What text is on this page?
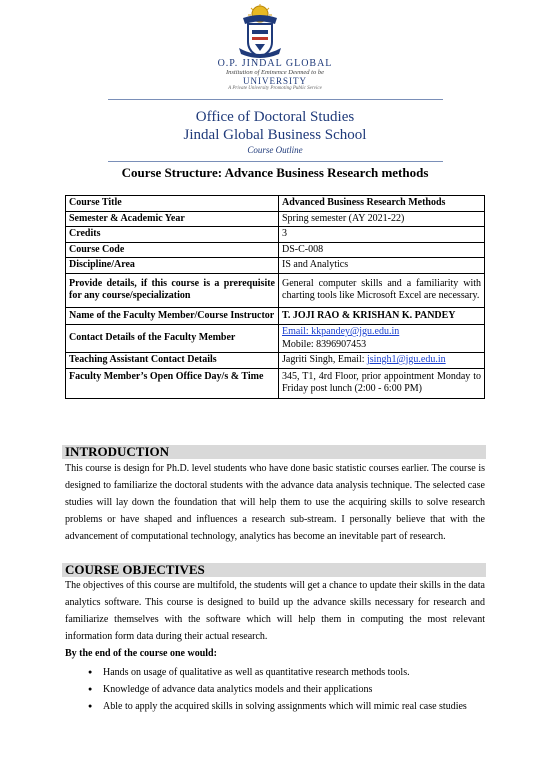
O.P. JINDAL GLOBAL
Institution of Eminence Deemed to be
UNIVERSITY
A Private University Promoting Public Service
Office of Doctoral Studies
Jindal Global Business School
Course Outline
Course Structure: Advance Business Research methods
Course Title	Advanced Business Research Methods
Semester & Academic Year	Spring semester (AY 2021-22)
Credits	3
Course Code	DS-C-008
Discipline/Area	IS and Analytics
Provide details, if this course is a prerequisite for any course/specialization	General computer skills and a familiarity with charting tools like Microsoft Excel are necessary.
Name of the Faculty Member/Course Instructor	T. JOJI RAO & KRISHAN K. PANDEY
Contact Details of the Faculty Member	Email: kkpandey@jgu.edu.in
Mobile: 8396907453

Teaching Assistant Contact Details	Jagriti Singh, Email: jsingh1@jgu.edu.in
Faculty Member’s Open Office Day/s & Time	345, T1, 4rd Floor, prior appointment Monday to Friday post lunch (2:00 - 6:00 PM)
INTRODUCTION
This course is design for Ph.D. level students who have done basic statistic courses earlier. The course is designed to familiarize the doctoral students with the advance data analysis technique. The selected case studies will lay down the foundation that will help them to use the acquiring skills to solve research problems or have shaped and influences a research sub-stream. I personally believe that with the advancement of computational technology, analytics has become an inevitable part of research.
COURSE OBJECTIVES
The objectives of this course are multifold, the students will get a chance to update their skills in the data analytics software. This course is designed to build up the advance skills necessary for research and familiarize themselves with the software which will help them in computing the most relevant information form data during their actual research.
By the end of the course one would:
● Hands on usage of qualitative as well as quantitative research methods tools.
● Knowledge of advance data analytics models and their applications
● Able to apply the acquired skills in solving assignments which will mimic real case studies
